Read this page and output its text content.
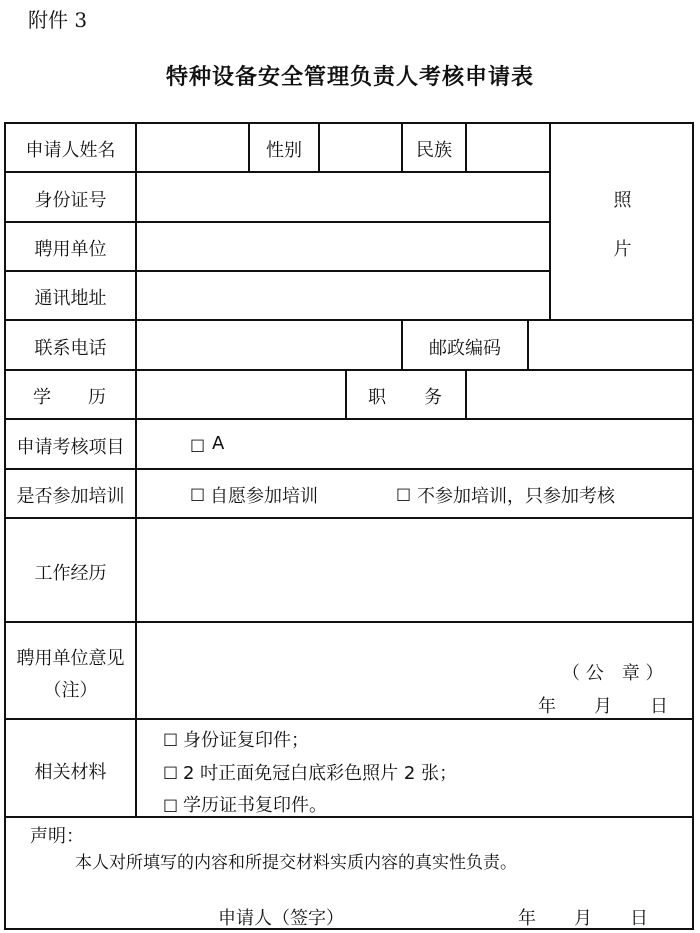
附件 3
特种设备安全管理负责人考核申请表
申请人姓名	性别	民族
照
片
身份证号
聘用单位
通讯地址
联系电话	邮政编码
学 历	职 务
申请考核项目	□ A
是否参加培训	□ 自愿参加培训	□ 不参加培训，只参加考核
工作经历
聘用单位意见
（注）
（ 公　章 ）
年 月 日
相关材料
□ 身份证复印件；
□ 2 吋正面免冠白底彩色照片 2 张；
□ 学历证书复印件。
声明：
本人对所填写的内容和所提交材料实质内容的真实性负责。
申请人（签字）	年 月 日
